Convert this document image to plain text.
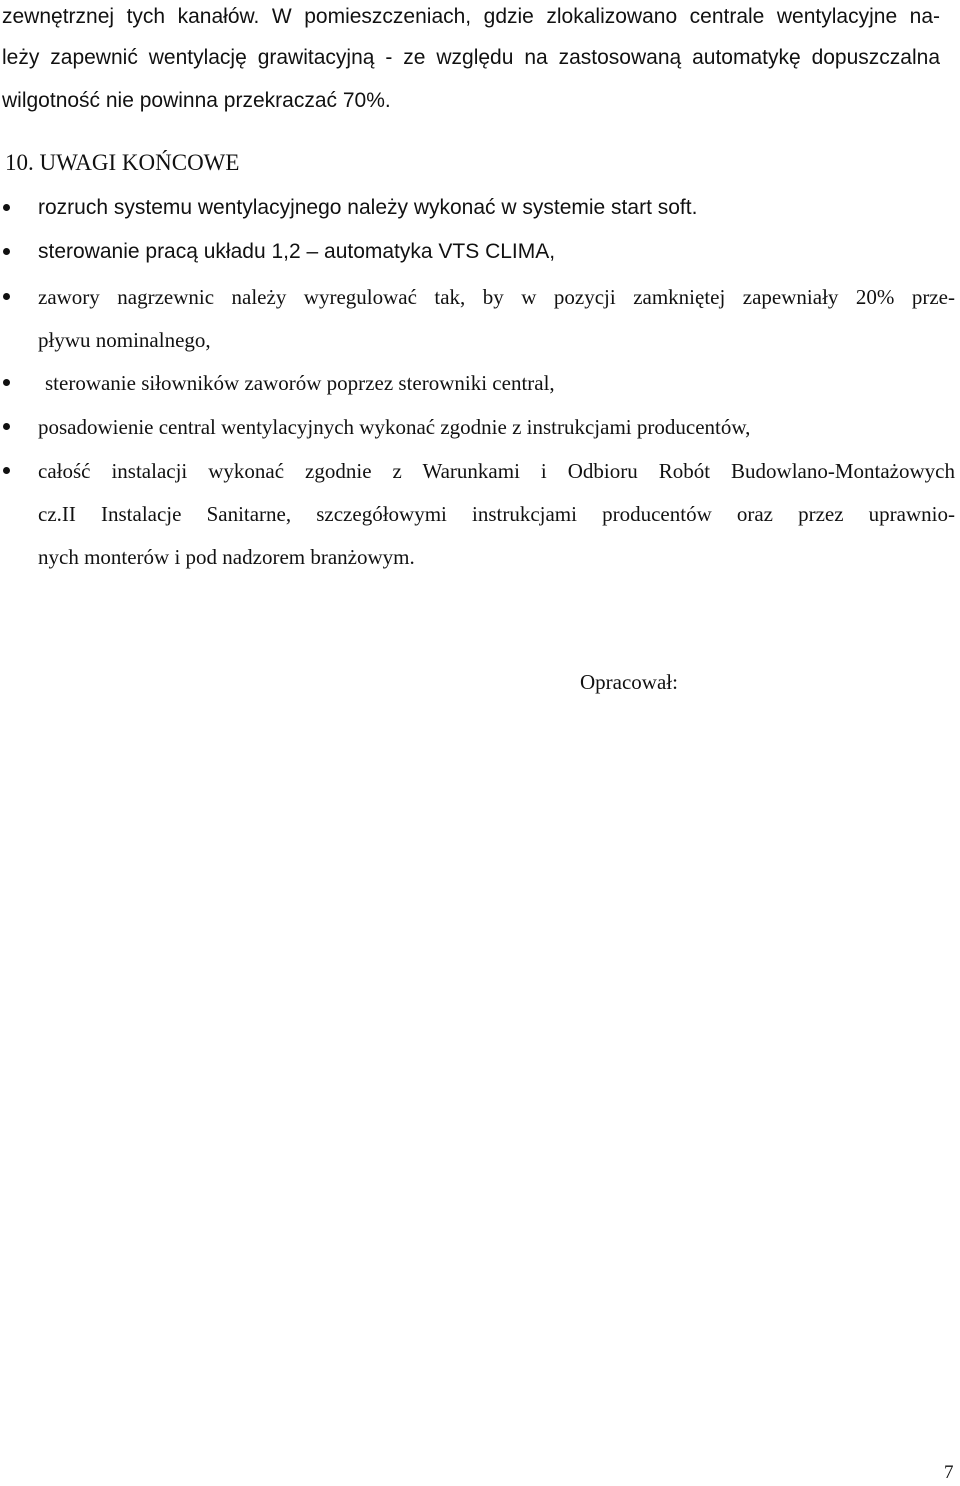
zewnętrznej tych kanałów. W pomieszczeniach, gdzie zlokalizowano centrale wentylacyjne na-
leży zapewnić wentylację grawitacyjną - ze względu na zastosowaną automatykę dopuszczalna
wilgotność nie powinna przekraczać 70%.
10. UWAGI KOŃCOWE
rozruch systemu wentylacyjnego należy wykonać w systemie start soft.
sterowanie pracą układu 1,2 – automatyka VTS CLIMA,
zawory nagrzewnic należy wyregulować tak, by w pozycji zamkniętej zapewniały 20% prze-
pływu nominalnego,
sterowanie siłowników zaworów poprzez sterowniki central,
posadowienie central wentylacyjnych wykonać zgodnie z instrukcjami producentów,
całość instalacji wykonać zgodnie z Warunkami i Odbioru Robót Budowlano-Montażowych
cz.II Instalacje Sanitarne, szczegółowymi instrukcjami producentów oraz przez uprawnio-
nych monterów i pod nadzorem branżowym.
Opracował:
7
